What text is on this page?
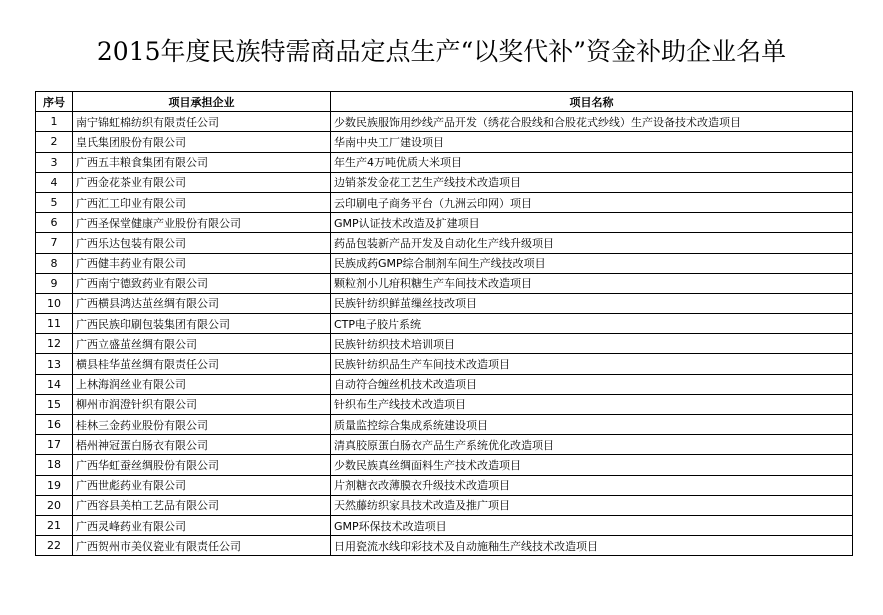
2015年度民族特需商品定点生产“以奖代补”资金补助企业名单
序号	项目承担企业	项目名称
1	南宁锦虹棉纺织有限责任公司	少数民族服饰用纱线产品开发（绣花合股线和合股花式纱线）生产设备技术改造项目
2	皇氏集团股份有限公司	华南中央工厂建设项目
3	广西五丰粮食集团有限公司	年生产4万吨优质大米项目
4	广西金花茶业有限公司	边销茶发金花工艺生产线技术改造项目
5	广西汇工印业有限公司	云印刷电子商务平台（九洲云印网）项目
6	广西圣保堂健康产业股份有限公司	GMP认证技术改造及扩建项目
7	广西乐达包装有限公司	药品包装新产品开发及自动化生产线升级项目
8	广西健丰药业有限公司	民族成药GMP综合制剂车间生产线技改项目
9	广西南宁德致药业有限公司	颗粒剂小儿疳积糖生产车间技术改造项目
10	广西横县鸿达茧丝绸有限公司	民族针纺织鲜茧缫丝技改项目
11	广西民族印刷包装集团有限公司	CTP电子胶片系统
12	广西立盛茧丝绸有限公司	民族针纺织技术培训项目
13	横县桂华茧丝绸有限责任公司	民族针纺织品生产车间技术改造项目
14	上林海润丝业有限公司	自动符合缠丝机技术改造项目
15	柳州市润澄针织有限公司	针织布生产线技术改造项目
16	桂林三金药业股份有限公司	质量监控综合集成系统建设项目
17	梧州神冠蛋白肠衣有限公司	清真胶原蛋白肠衣产品生产系统优化改造项目
18	广西华虹蚕丝绸股份有限公司	少数民族真丝绸面料生产技术改造项目
19	广西世彪药业有限公司	片剂糖衣改薄膜衣升级技术改造项目
20	广西容县美柏工艺品有限公司	天然藤纺织家具技术改造及推广项目
21	广西灵峰药业有限公司	GMP环保技术改造项目
22	广西贺州市美仪瓷业有限责任公司	日用瓷流水线印彩技术及自动施釉生产线技术改造项目
